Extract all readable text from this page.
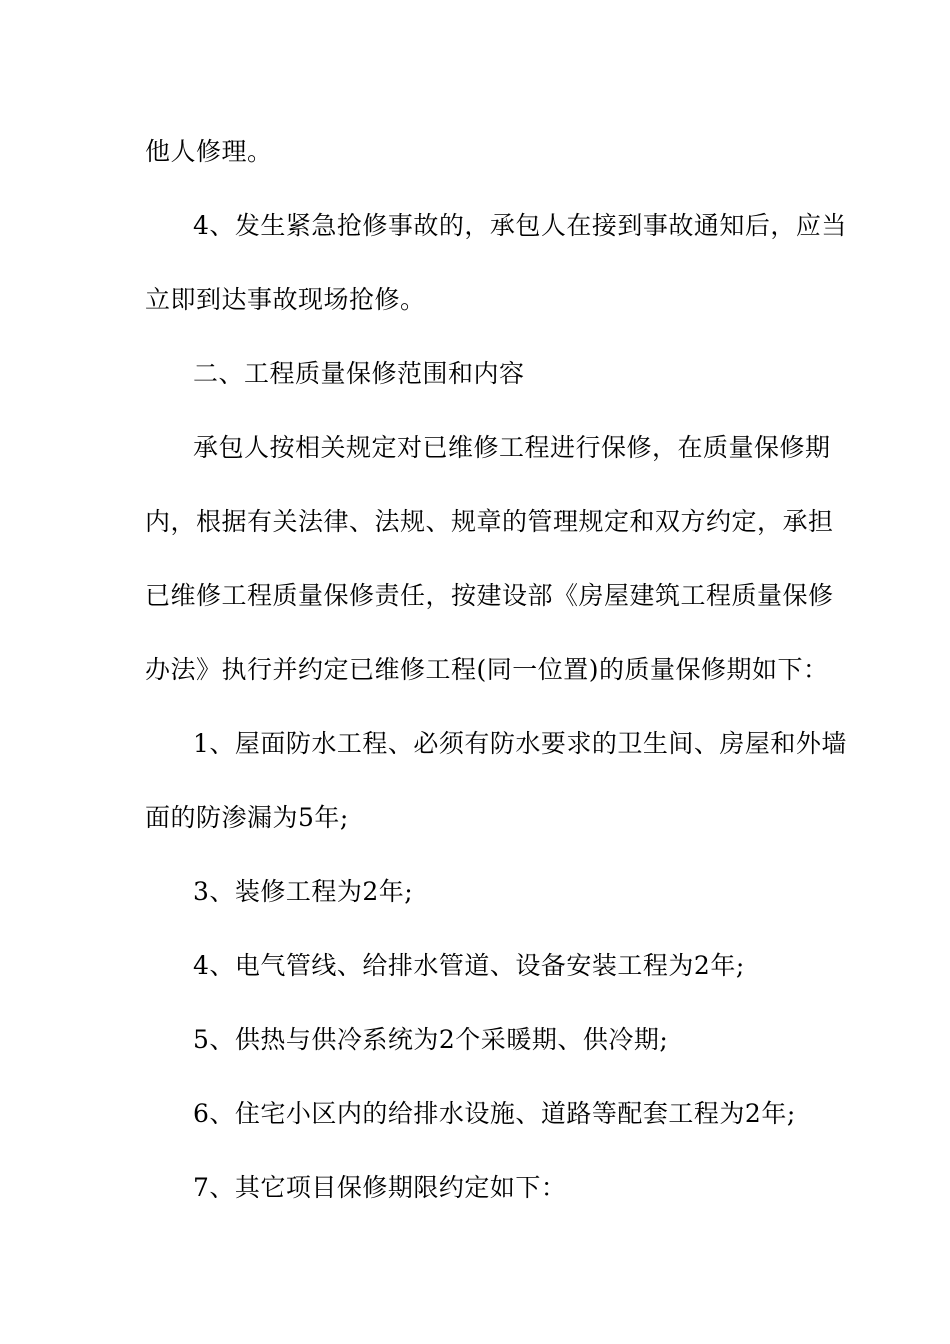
他人修理。
4、发生紧急抢修事故的，承包人在接到事故通知后，应当
立即到达事故现场抢修。
二、工程质量保修范围和内容
承包人按相关规定对已维修工程进行保修，在质量保修期
内，根据有关法律、法规、规章的管理规定和双方约定，承担
已维修工程质量保修责任，按建设部《房屋建筑工程质量保修
办法》执行并约定已维修工程(同一位置)的质量保修期如下：
1、屋面防水工程、必须有防水要求的卫生间、房屋和外墙
面的防渗漏为5年;
3、装修工程为2年;
4、电气管线、给排水管道、设备安装工程为2年;
5、供热与供冷系统为2个采暖期、供冷期;
6、住宅小区内的给排水设施、道路等配套工程为2年;
7、其它项目保修期限约定如下：
